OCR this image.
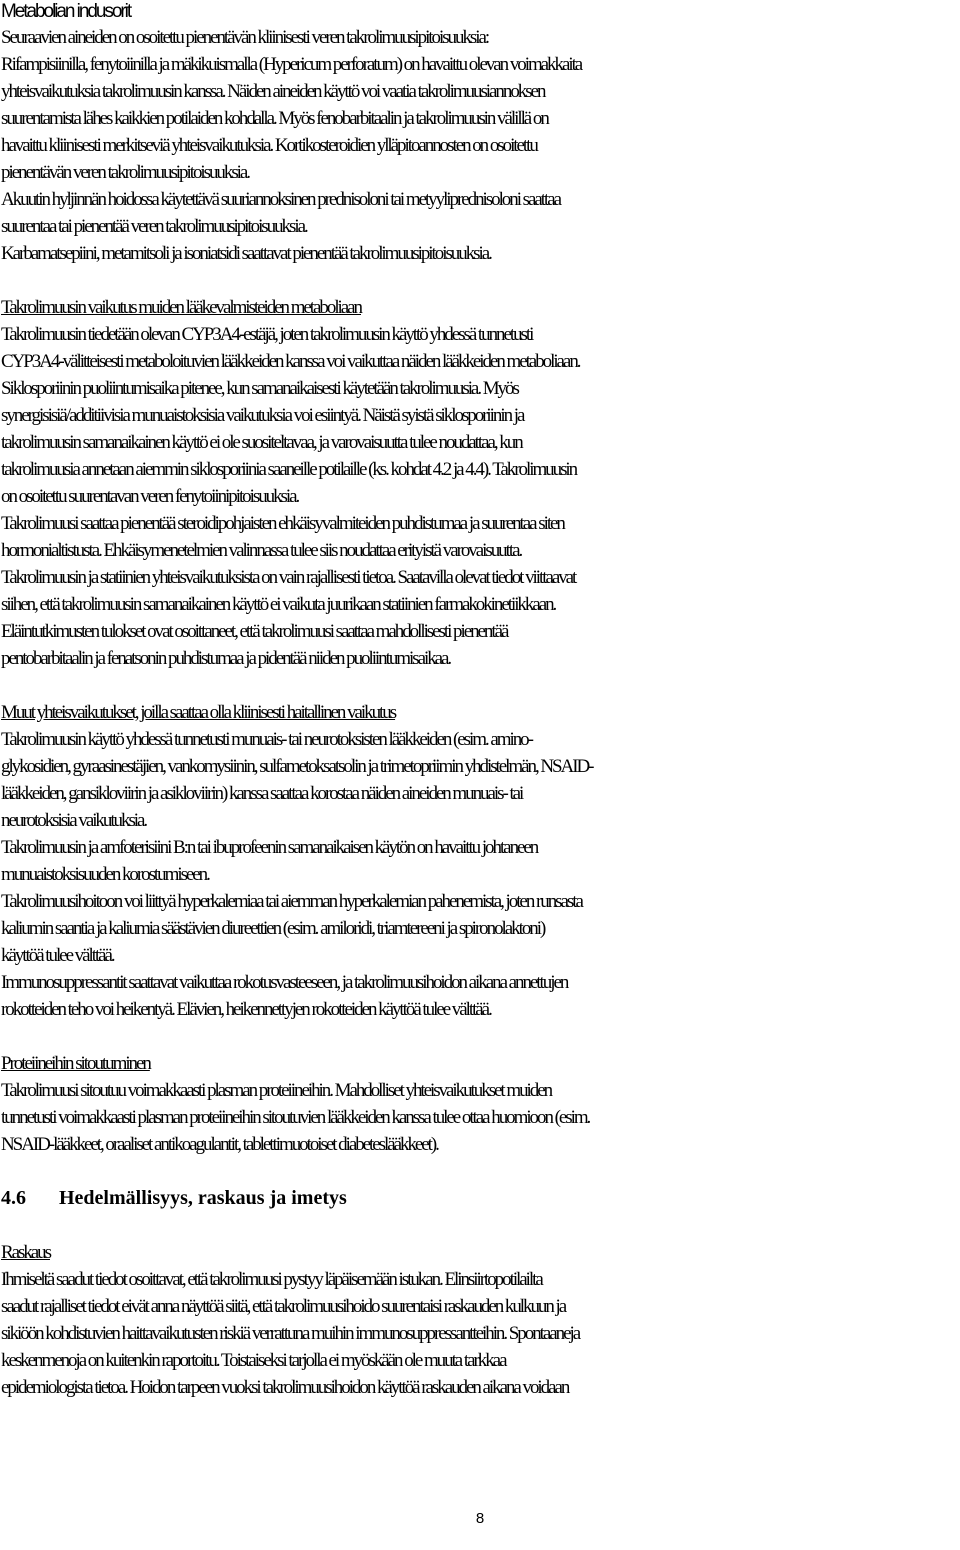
Metabolian indusorit

Seuraavien aineiden on osoitettu pienentävän kliinisesti veren takrolimuusipitoisuuksia:
Rifampisiinilla, fenytoiinilla ja mäkikuismalla (Hypericum perforatum) on havaittu olevan voimakkaita
yhteisvaikutuksia takrolimuusin kanssa. Näiden aineiden käyttö voi vaatia takrolimuusiannoksen
suurentamista lähes kaikkien potilaiden kohdalla. Myös fenobarbitaalin ja takrolimuusin välillä on
havaittu kliinisesti merkitseviä yhteisvaikutuksia. Kortikosteroidien ylläpitoannosten on osoitettu
pienentävän veren takrolimuusipitoisuuksia.
Akuutin hyljinnän hoidossa käytettävä suuriannoksinen prednisoloni tai metyyliprednisoloni saattaa
suurentaa tai pienentää veren takrolimuusipitoisuuksia.
Karbamatsepiini, metamitsoli ja isoniatsidi saattavat pienentää takrolimuusipitoisuuksia.

Takrolimuusin vaikutus muiden lääkevalmisteiden metaboliaan

Takrolimuusin tiedetään olevan CYP3A4-estäjä, joten takrolimuusin käyttö yhdessä tunnetusti
CYP3A4-välitteisesti metaboloituvien lääkkeiden kanssa voi vaikuttaa näiden lääkkeiden metaboliaan.
Siklosporiinin puoliintumisaika pitenee, kun samanaikaisesti käytetään takrolimuusia. Myös
synergisisiä/additiivisia munuaistoksisia vaikutuksia voi esiintyä. Näistä syistä siklosporiinin ja
takrolimuusin samanaikainen käyttö ei ole suositeltavaa, ja varovaisuutta tulee noudattaa, kun
takrolimuusia annetaan aiemmin siklosporiinia saaneille potilaille (ks. kohdat 4.2 ja 4.4). Takrolimuusin
on osoitettu suurentavan veren fenytoiinipitoisuuksia.
Takrolimuusi saattaa pienentää steroidipohjaisten ehkäisyvalmiteiden puhdistumaa ja suurentaa siten
hormonialtistusta. Ehkäisymenetelmien valinnassa tulee siis noudattaa erityistä varovaisuutta.
Takrolimuusin ja statiinien yhteisvaikutuksista on vain rajallisesti tietoa. Saatavilla olevat tiedot viittaavat
siihen, että takrolimuusin samanaikainen käyttö ei vaikuta juurikaan statiinien farmakokinetiikkaan.
Eläintutkimusten tulokset ovat osoittaneet, että takrolimuusi saattaa mahdollisesti pienentää
pentobarbitaalin ja fenatsonin puhdistumaa ja pidentää niiden puoliintumisaikaa.

Muut yhteisvaikutukset, joilla saattaa olla kliinisesti haitallinen vaikutus

Takrolimuusin käyttö yhdessä tunnetusti munuais- tai neurotoksisten lääkkeiden (esim. amino-
glykosidien, gyraasinestäjien, vankomysiinin, sulfametoksatsolin ja trimetopriimin yhdistelmän, NSAID-
lääkkeiden, gansikloviirin ja asikloviirin) kanssa saattaa korostaa näiden aineiden munuais- tai
neurotoksisia vaikutuksia.
Takrolimuusin ja amfoterisiini B:n tai ibuprofeenin samanaikaisen käytön on havaittu johtaneen
munuaistoksisuuden korostumiseen.
Takrolimuusihoitoon voi liittyä hyperkalemiaa tai aiemman hyperkalemian pahenemista, joten runsasta
kaliumin saantia ja kaliumia säästävien diureettien (esim. amiloridi, triamtereeni ja spironolaktoni)
käyttöä tulee välttää.
Immunosuppressantit saattavat vaikuttaa rokotusvasteeseen, ja takrolimuusihoidon aikana annettujen
rokotteiden teho voi heikentyä. Elävien, heikennettyjen rokotteiden käyttöä tulee välttää.

Proteiineihin sitoutuminen

Takrolimuusi sitoutuu voimakkaasti plasman proteiineihin. Mahdolliset yhteisvaikutukset muiden
tunnetusti voimakkaasti plasman proteiineihin sitoutuvien lääkkeiden kanssa tulee ottaa huomioon (esim.
NSAID-lääkkeet, oraaliset antikoagulantit, tablettimuotoiset diabeteslääkkeet).

4.6 Hedelmällisyys, raskaus ja imetys
Raskaus

Ihmiseltä saadut tiedot osoittavat, että takrolimuusi pystyy läpäisemään istukan. Elinsiirtopotilailta
saadut rajalliset tiedot eivät anna näyttöä siitä, että takrolimuusihoido suurentaisi raskauden kulkuun ja
sikiöön kohdistuvien haittavaikutusten riskiä verrattuna muihin immunosuppressantteihin. Spontaaneja
keskenmenoja on kuitenkin raportoitu. Toistaiseksi tarjolla ei myöskään ole muuta tarkkaa
epidemiologista tietoa. Hoidon tarpeen vuoksi takrolimuusihoidon käyttöä raskauden aikana voidaan

8
